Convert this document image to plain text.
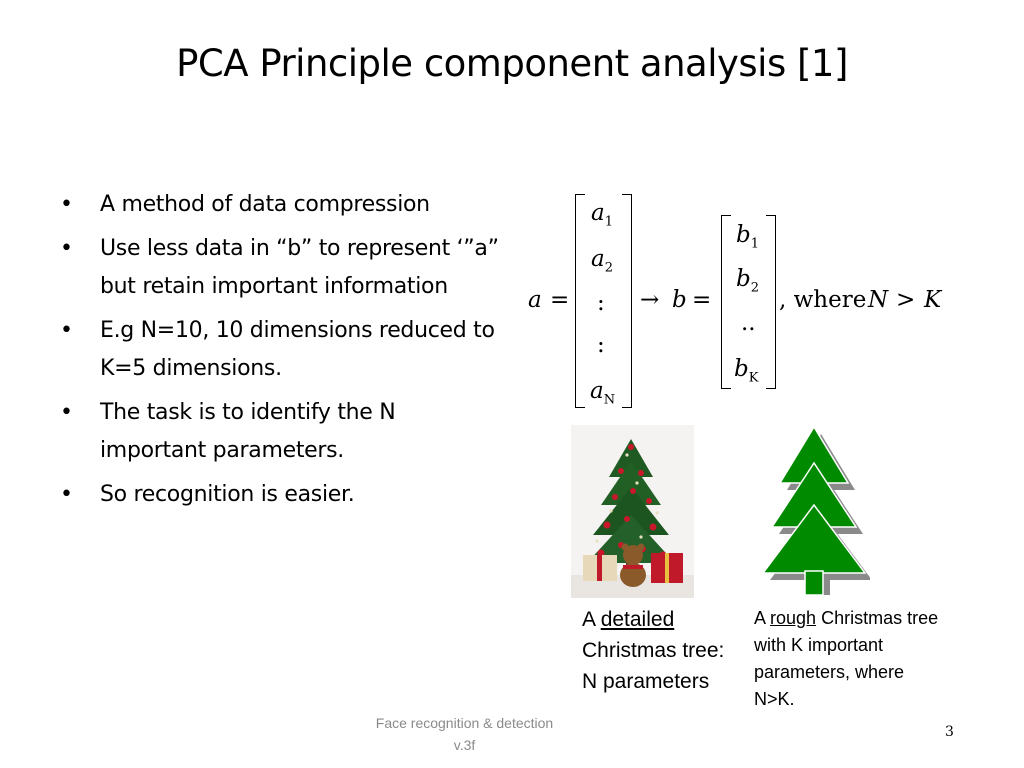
PCA Principle component analysis [1]
• A method of data compression
• Use less data in “b” to represent ‘”a” but retain important information
• E.g N=10, 10 dimensions reduced to K=5 dimensions.
• The task is to identify the N important parameters.
• So recognition is easier.
a =
$a_1$
$a_2$
:
:
$a_N$
→ b =
$b_1$
$b_2$
..
$b_K$
, where N > K
A detailed Christmas tree: N parameters
A rough Christmas tree with K important parameters, where N>K.
Face recognition & detection
v.3f
3
